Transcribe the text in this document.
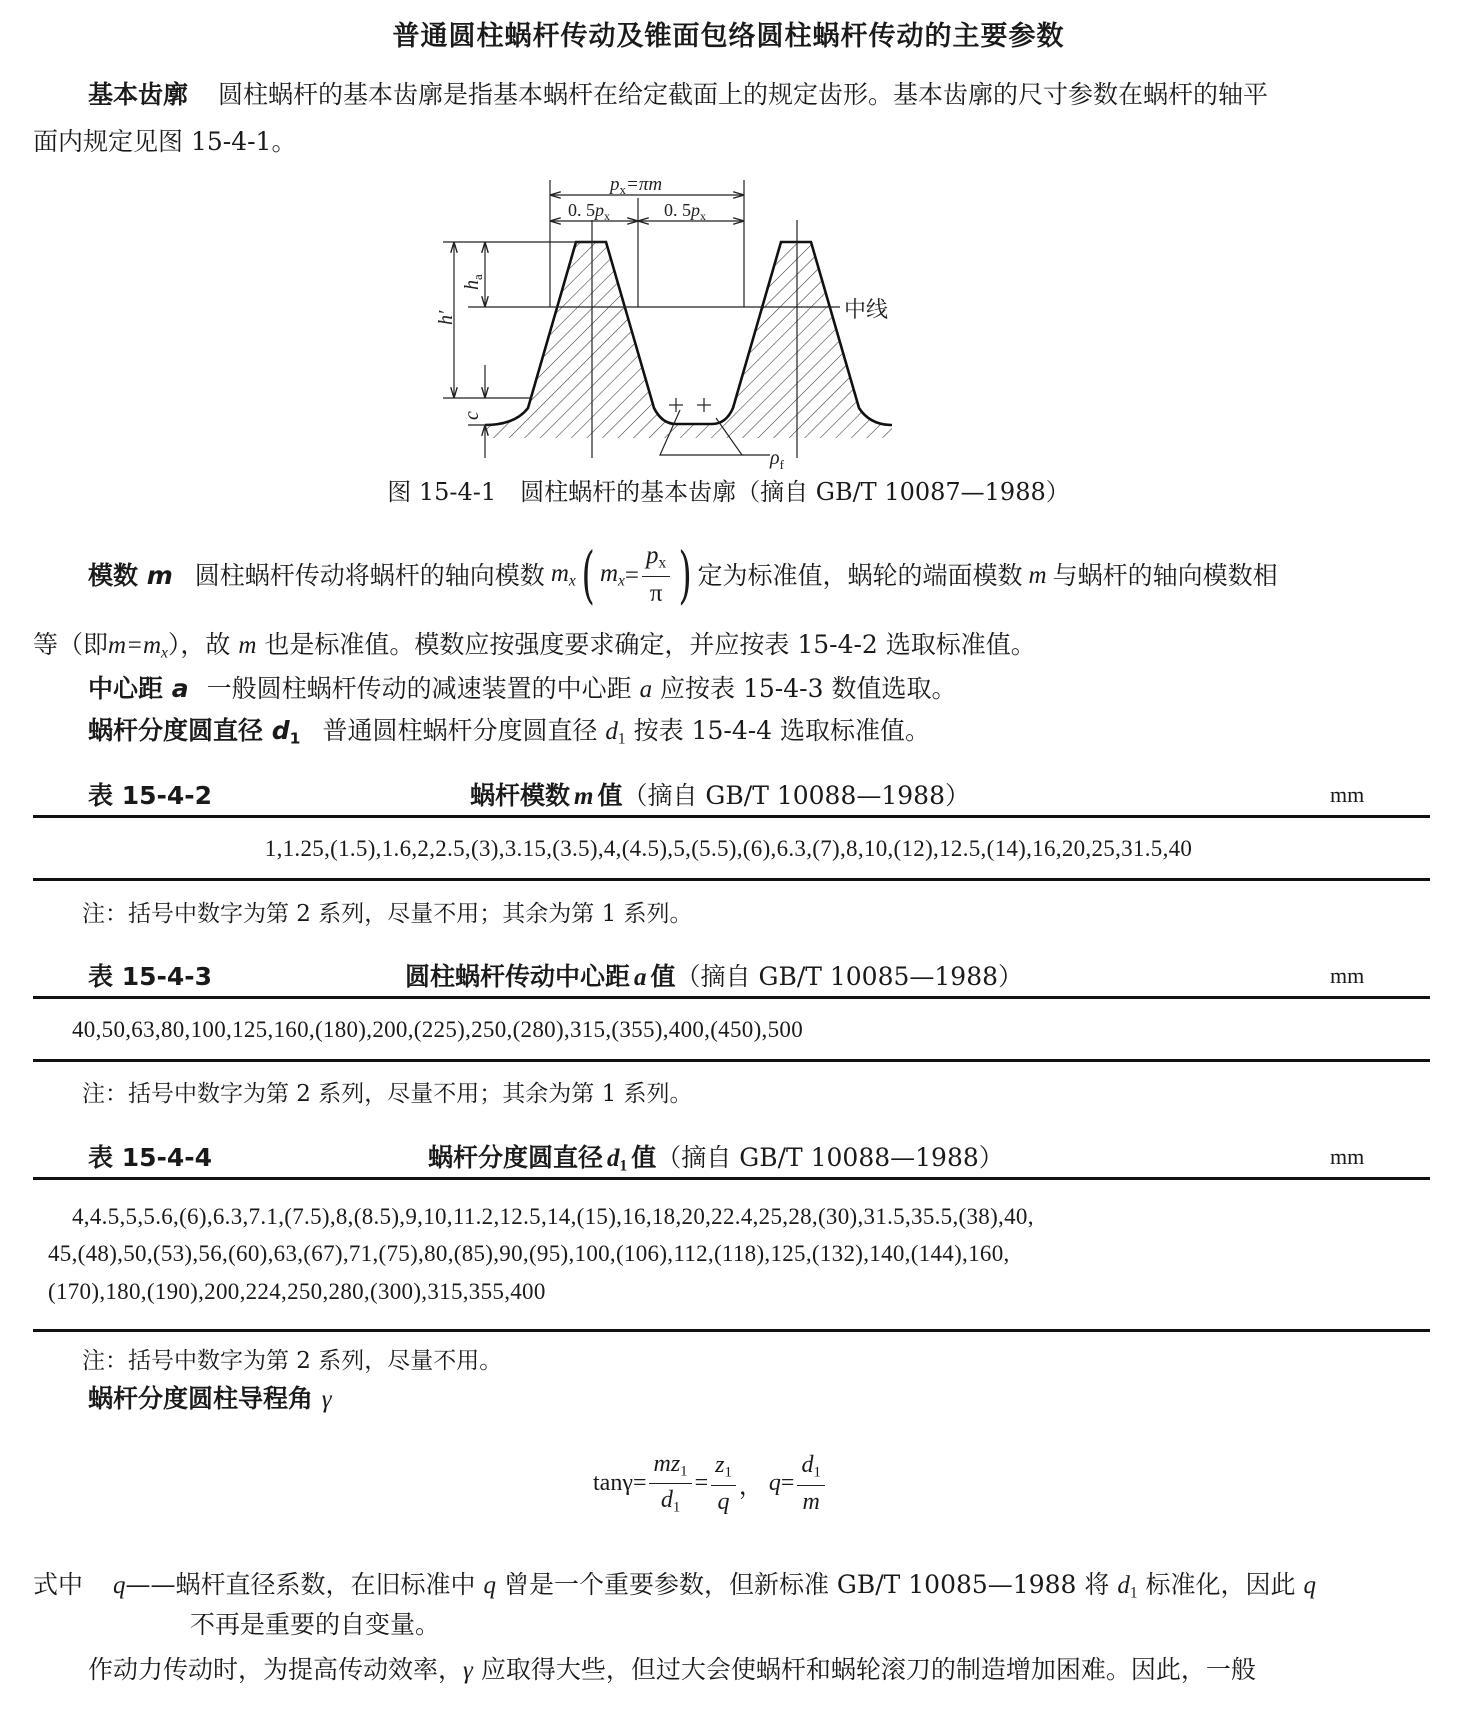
普通圆柱蜗杆传动及锥面包络圆柱蜗杆传动的主要参数
基本齿廓 圆柱蜗杆的基本齿廓是指基本蜗杆在给定截面上的规定齿形。基本齿廓的尺寸参数在蜗杆的轴平
面内规定见图 15-4-1。
中线
$p_x=\pi m$
0. $5p_x$	0. $5p_x$
h′
$h_a$
c
$\rho_f$
图 15-4-1　圆柱蜗杆的基本齿廓（摘自 GB/T 10087—1988）
模数 m 圆柱蜗杆传动将蜗杆的轴向模数 $m_x$ ( $m_x = \frac{p_x}{\pi}$ ) 定为标准值，蜗轮的端面模数 m 与蜗杆的轴向模数相
等（即$m=m_x$），故 m 也是标准值。模数应按强度要求确定，并应按表 15-4-2 选取标准值。
中心距 a 一般圆柱蜗杆传动的减速装置的中心距 a 应按表 15-4-3 数值选取。
蜗杆分度圆直径 $d_1$ 普通圆柱蜗杆分度圆直径 $d_1$ 按表 15-4-4 选取标准值。
表 15-4-2	蜗杆模数 m 值（摘自 GB/T 10088—1988）	mm
1,1.25,(1.5),1.6,2,2.5,(3),3.15,(3.5),4,(4.5),5,(5.5),(6),6.3,(7),8,10,(12),12.5,(14),16,20,25,31.5,40
注：括号中数字为第 2 系列，尽量不用；其余为第 1 系列。
表 15-4-3	圆柱蜗杆传动中心距 a 值（摘自 GB/T 10085—1988）	mm
40,50,63,80,100,125,160,(180),200,(225),250,(280),315,(355),400,(450),500
注：括号中数字为第 2 系列，尽量不用；其余为第 1 系列。
表 15-4-4	蜗杆分度圆直径 $d_1$ 值（摘自 GB/T 10088—1988）	mm
4,4.5,5,5.6,(6),6.3,7.1,(7.5),8,(8.5),9,10,11.2,12.5,14,(15),16,18,20,22.4,25,28,(30),31.5,35.5,(38),40,
45,(48),50,(53),56,(60),63,(67),71,(75),80,(85),90,(95),100,(106),112,(118),125,(132),140,(144),160,
(170),180,(190),200,224,250,280,(300),315,355,400
注：括号中数字为第 2 系列，尽量不用。
蜗杆分度圆柱导程角 γ
$\tan\gamma = \frac{mz_1}{d_1} = \frac{z_1}{q}$ ， $q = \frac{d_1}{m}$
式中 q——蜗杆直径系数，在旧标准中 q 曾是一个重要参数，但新标准 GB/T 10085—1988 将 $d_1$ 标准化，因此 q
不再是重要的自变量。
作动力传动时，为提高传动效率，γ 应取得大些，但过大会使蜗杆和蜗轮滚刀的制造增加困难。因此，一般
